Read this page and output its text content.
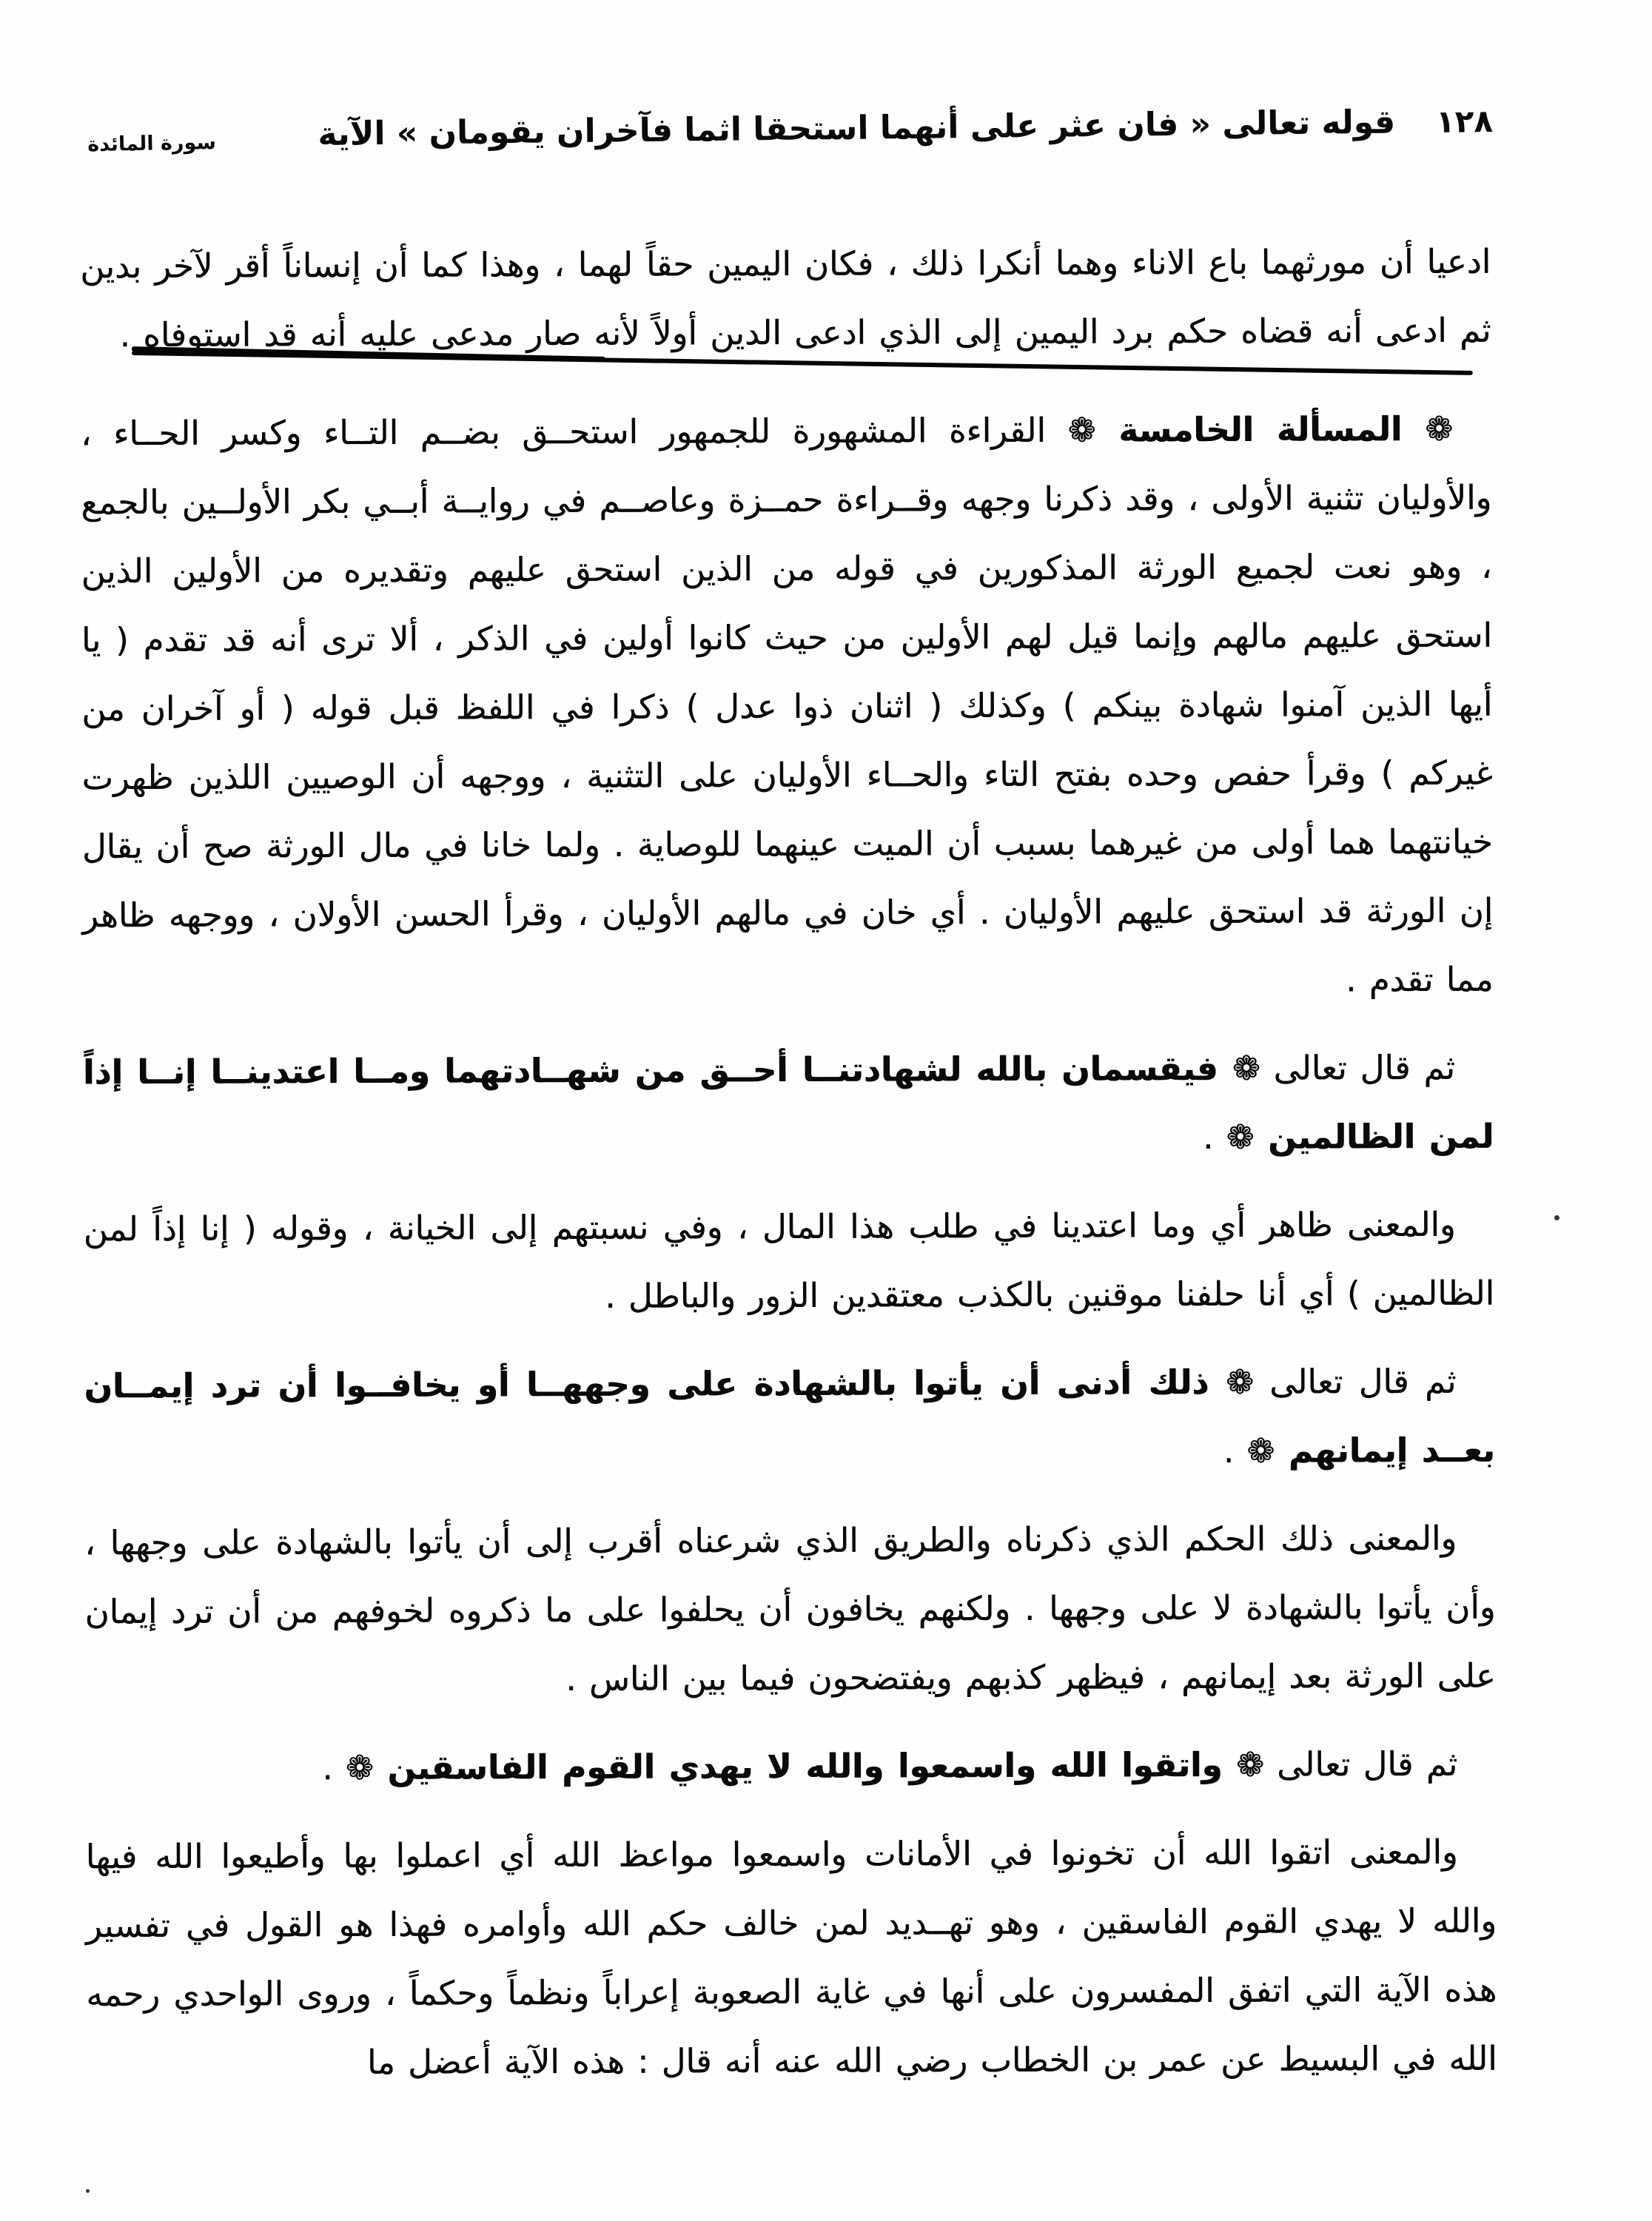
١٢٨
قوله تعالى « فان عثر على أنهما استحقا اثما فآخران يقومان » الآية
سورة المائدة

ادعيا أن مورثهما باع الاناء وهما أنكرا ذلك ، فكان اليمين حقاً لهما ، وهذا كما أن إنساناً أقر لآخر بدين ثم ادعى أنه قضاه حكم برد اليمين إلى الذي ادعى الدين أولاً لأنه صار مدعى عليه أنه قد استوفاه .

❁ المسألة الخامسة ❁ القراءة المشهورة للجمهور استحــق بضــم التــاء وكسر الحــاء ، والأوليان تثنية الأولى ، وقد ذكرنا وجهه وقــراءة حمــزة وعاصــم في روايــة أبــي بكر الأولــين بالجمع ، وهو نعت لجميع الورثة المذكورين في قوله من الذين استحق عليهم وتقديره من الأولين الذين استحق عليهم مالهم وإنما قيل لهم الأولين من حيث كانوا أولين في الذكر ، ألا ترى أنه قد تقدم ( يا أيها الذين آمنوا شهادة بينكم ) وكذلك ( اثنان ذوا عدل ) ذكرا في اللفظ قبل قوله ( أو آخران من غيركم ) وقرأ حفص وحده بفتح التاء والحــاء الأوليان على التثنية ، ووجهه أن الوصيين اللذين ظهرت خيانتهما هما أولى من غيرهما بسبب أن الميت عينهما للوصاية . ولما خانا في مال الورثة صح أن يقال إن الورثة قد استحق عليهم الأوليان . أي خان في مالهم الأوليان ، وقرأ الحسن الأولان ، ووجهه ظاهر مما تقدم .

ثم قال تعالى ❁ فيقسمان بالله لشهادتنــا أحــق من شهــادتهما ومــا اعتدينــا إنــا إذاً لمن الظالمين ❁ .

والمعنى ظاهر أي وما اعتدينا في طلب هذا المال ، وفي نسبتهم إلى الخيانة ، وقوله ( إنا إذاً لمن الظالمين ) أي أنا حلفنا موقنين بالكذب معتقدين الزور والباطل .

ثم قال تعالى ❁ ذلك أدنى أن يأتوا بالشهادة على وجههــا أو يخافــوا أن ترد إيمــان بعــد إيمانهم ❁ .

والمعنى ذلك الحكم الذي ذكرناه والطريق الذي شرعناه أقرب إلى أن يأتوا بالشهادة على وجهها ، وأن يأتوا بالشهادة لا على وجهها . ولكنهم يخافون أن يحلفوا على ما ذكروه لخوفهم من أن ترد إيمان على الورثة بعد إيمانهم ، فيظهر كذبهم ويفتضحون فيما بين الناس .

ثم قال تعالى ❁ واتقوا الله واسمعوا والله لا يهدي القوم الفاسقين ❁ .

والمعنى اتقوا الله أن تخونوا في الأمانات واسمعوا مواعظ الله أي اعملوا بها وأطيعوا الله فيها والله لا يهدي القوم الفاسقين ، وهو تهــديد لمن خالف حكم الله وأوامره فهذا هو القول في تفسير هذه الآية التي اتفق المفسرون على أنها في غاية الصعوبة إعراباً ونظماً وحكماً ، وروى الواحدي رحمه الله في البسيط عن عمر بن الخطاب رضي الله عنه أنه قال : هذه الآية أعضل ما
